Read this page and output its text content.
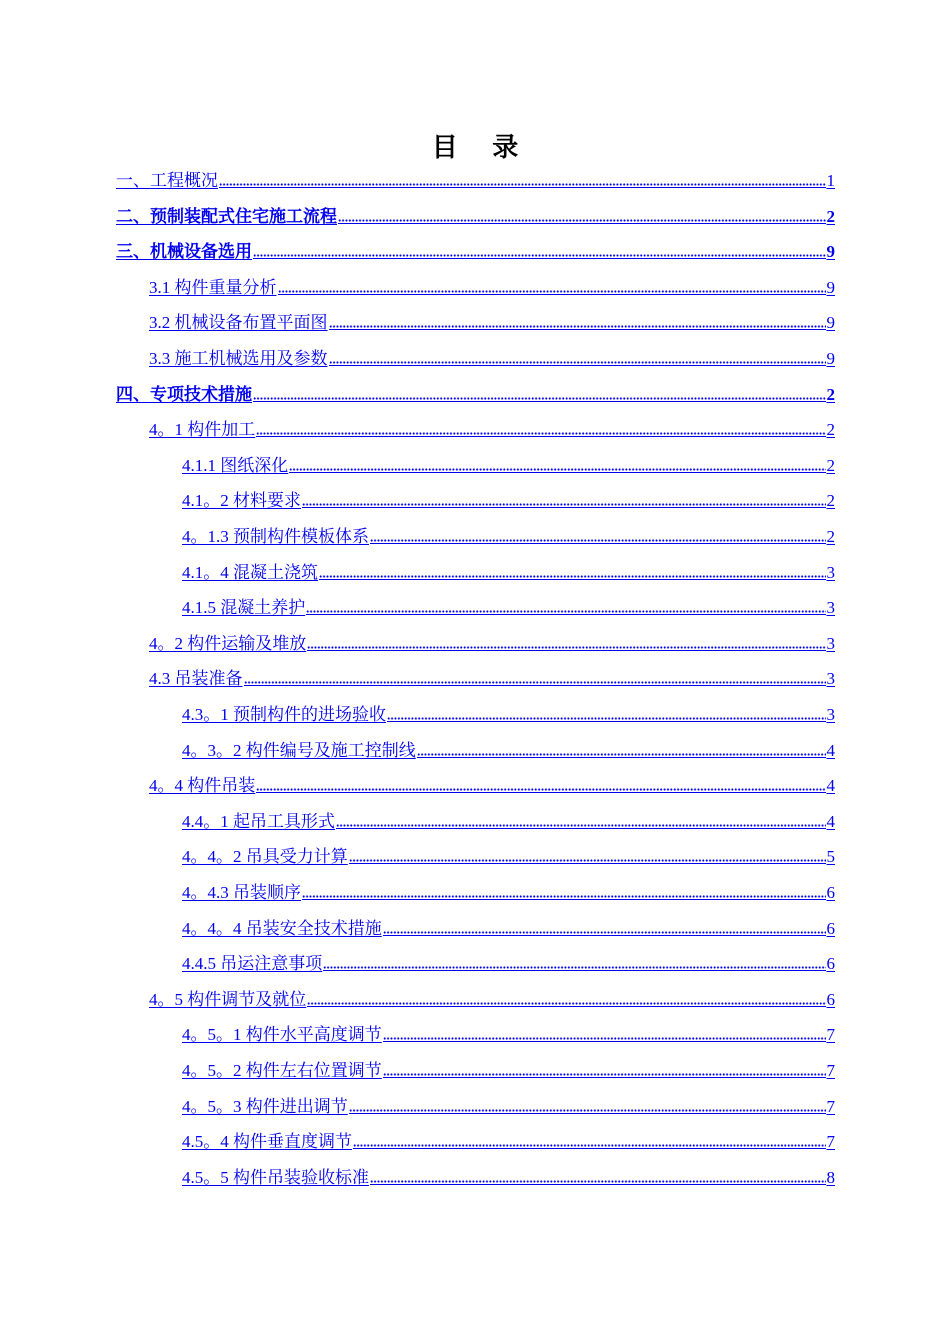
目 录
一、工程概况	1
二、预制装配式住宅施工流程	2
三、机械设备选用	9
3.1 构件重量分析	9
3.2 机械设备布置平面图	9
3.3 施工机械选用及参数	9
四、专项技术措施	2
4。1 构件加工	2
4.1.1 图纸深化	2
4.1。2 材料要求	2
4。1.3 预制构件模板体系	2
4.1。4 混凝土浇筑	3
4.1.5 混凝土养护	3
4。2 构件运输及堆放	3
4.3 吊装准备	3
4.3。1 预制构件的进场验收	3
4。3。2 构件编号及施工控制线	4
4。4 构件吊装	4
4.4。1 起吊工具形式	4
4。4。2 吊具受力计算	5
4。4.3 吊装顺序	6
4。4。4 吊装安全技术措施	6
4.4.5 吊运注意事项	6
4。5 构件调节及就位	6
4。5。1 构件水平高度调节	7
4。5。2 构件左右位置调节	7
4。5。3 构件进出调节	7
4.5。4 构件垂直度调节	7
4.5。5 构件吊装验收标准	8
